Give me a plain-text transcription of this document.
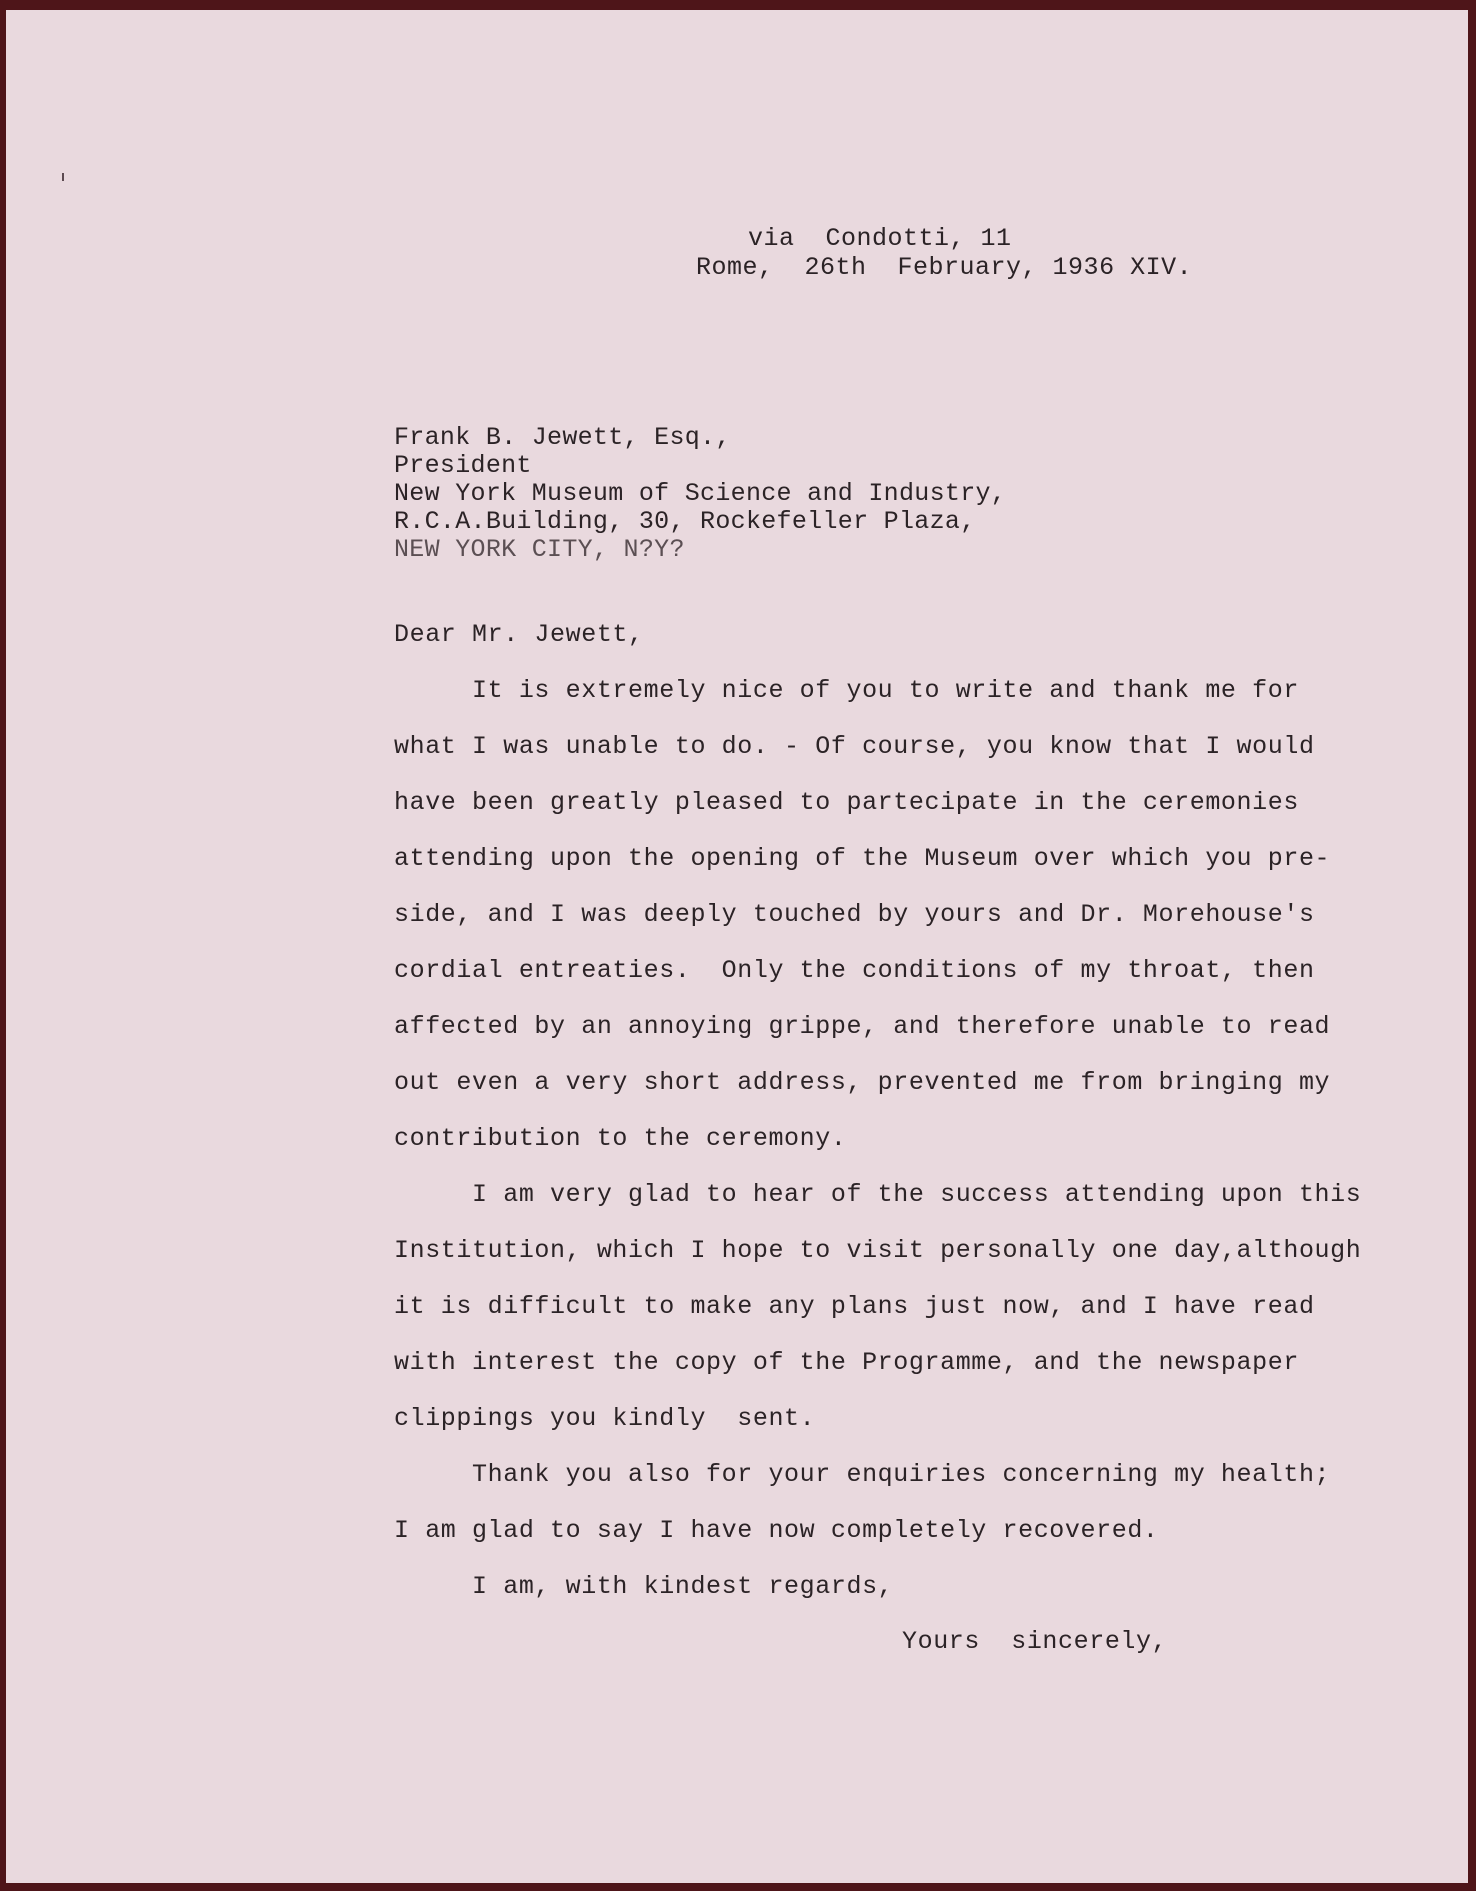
via  Condotti, 11
Rome,  26th  February, 1936 XIV.
Frank B. Jewett, Esq.,
President
New York Museum of Science and Industry,
R.C.A.Building, 30, Rockefeller Plaza,
NEW YORK CITY, N?Y?
Dear Mr. Jewett,
It is extremely nice of you to write and thank me for
what I was unable to do. - Of course, you know that I would
have been greatly pleased to partecipate in the ceremonies
attending upon the opening of the Museum over which you pre-
side, and I was deeply touched by yours and Dr. Morehouse's
cordial entreaties.  Only the conditions of my throat, then
affected by an annoying grippe, and therefore unable to read
out even a very short address, prevented me from bringing my
contribution to the ceremony.
I am very glad to hear of the success attending upon this
Institution, which I hope to visit personally one day,although
it is difficult to make any plans just now, and I have read
with interest the copy of the Programme, and the newspaper
clippings you kindly  sent.
Thank you also for your enquiries concerning my health;
I am glad to say I have now completely recovered.
I am, with kindest regards,
Yours  sincerely,
